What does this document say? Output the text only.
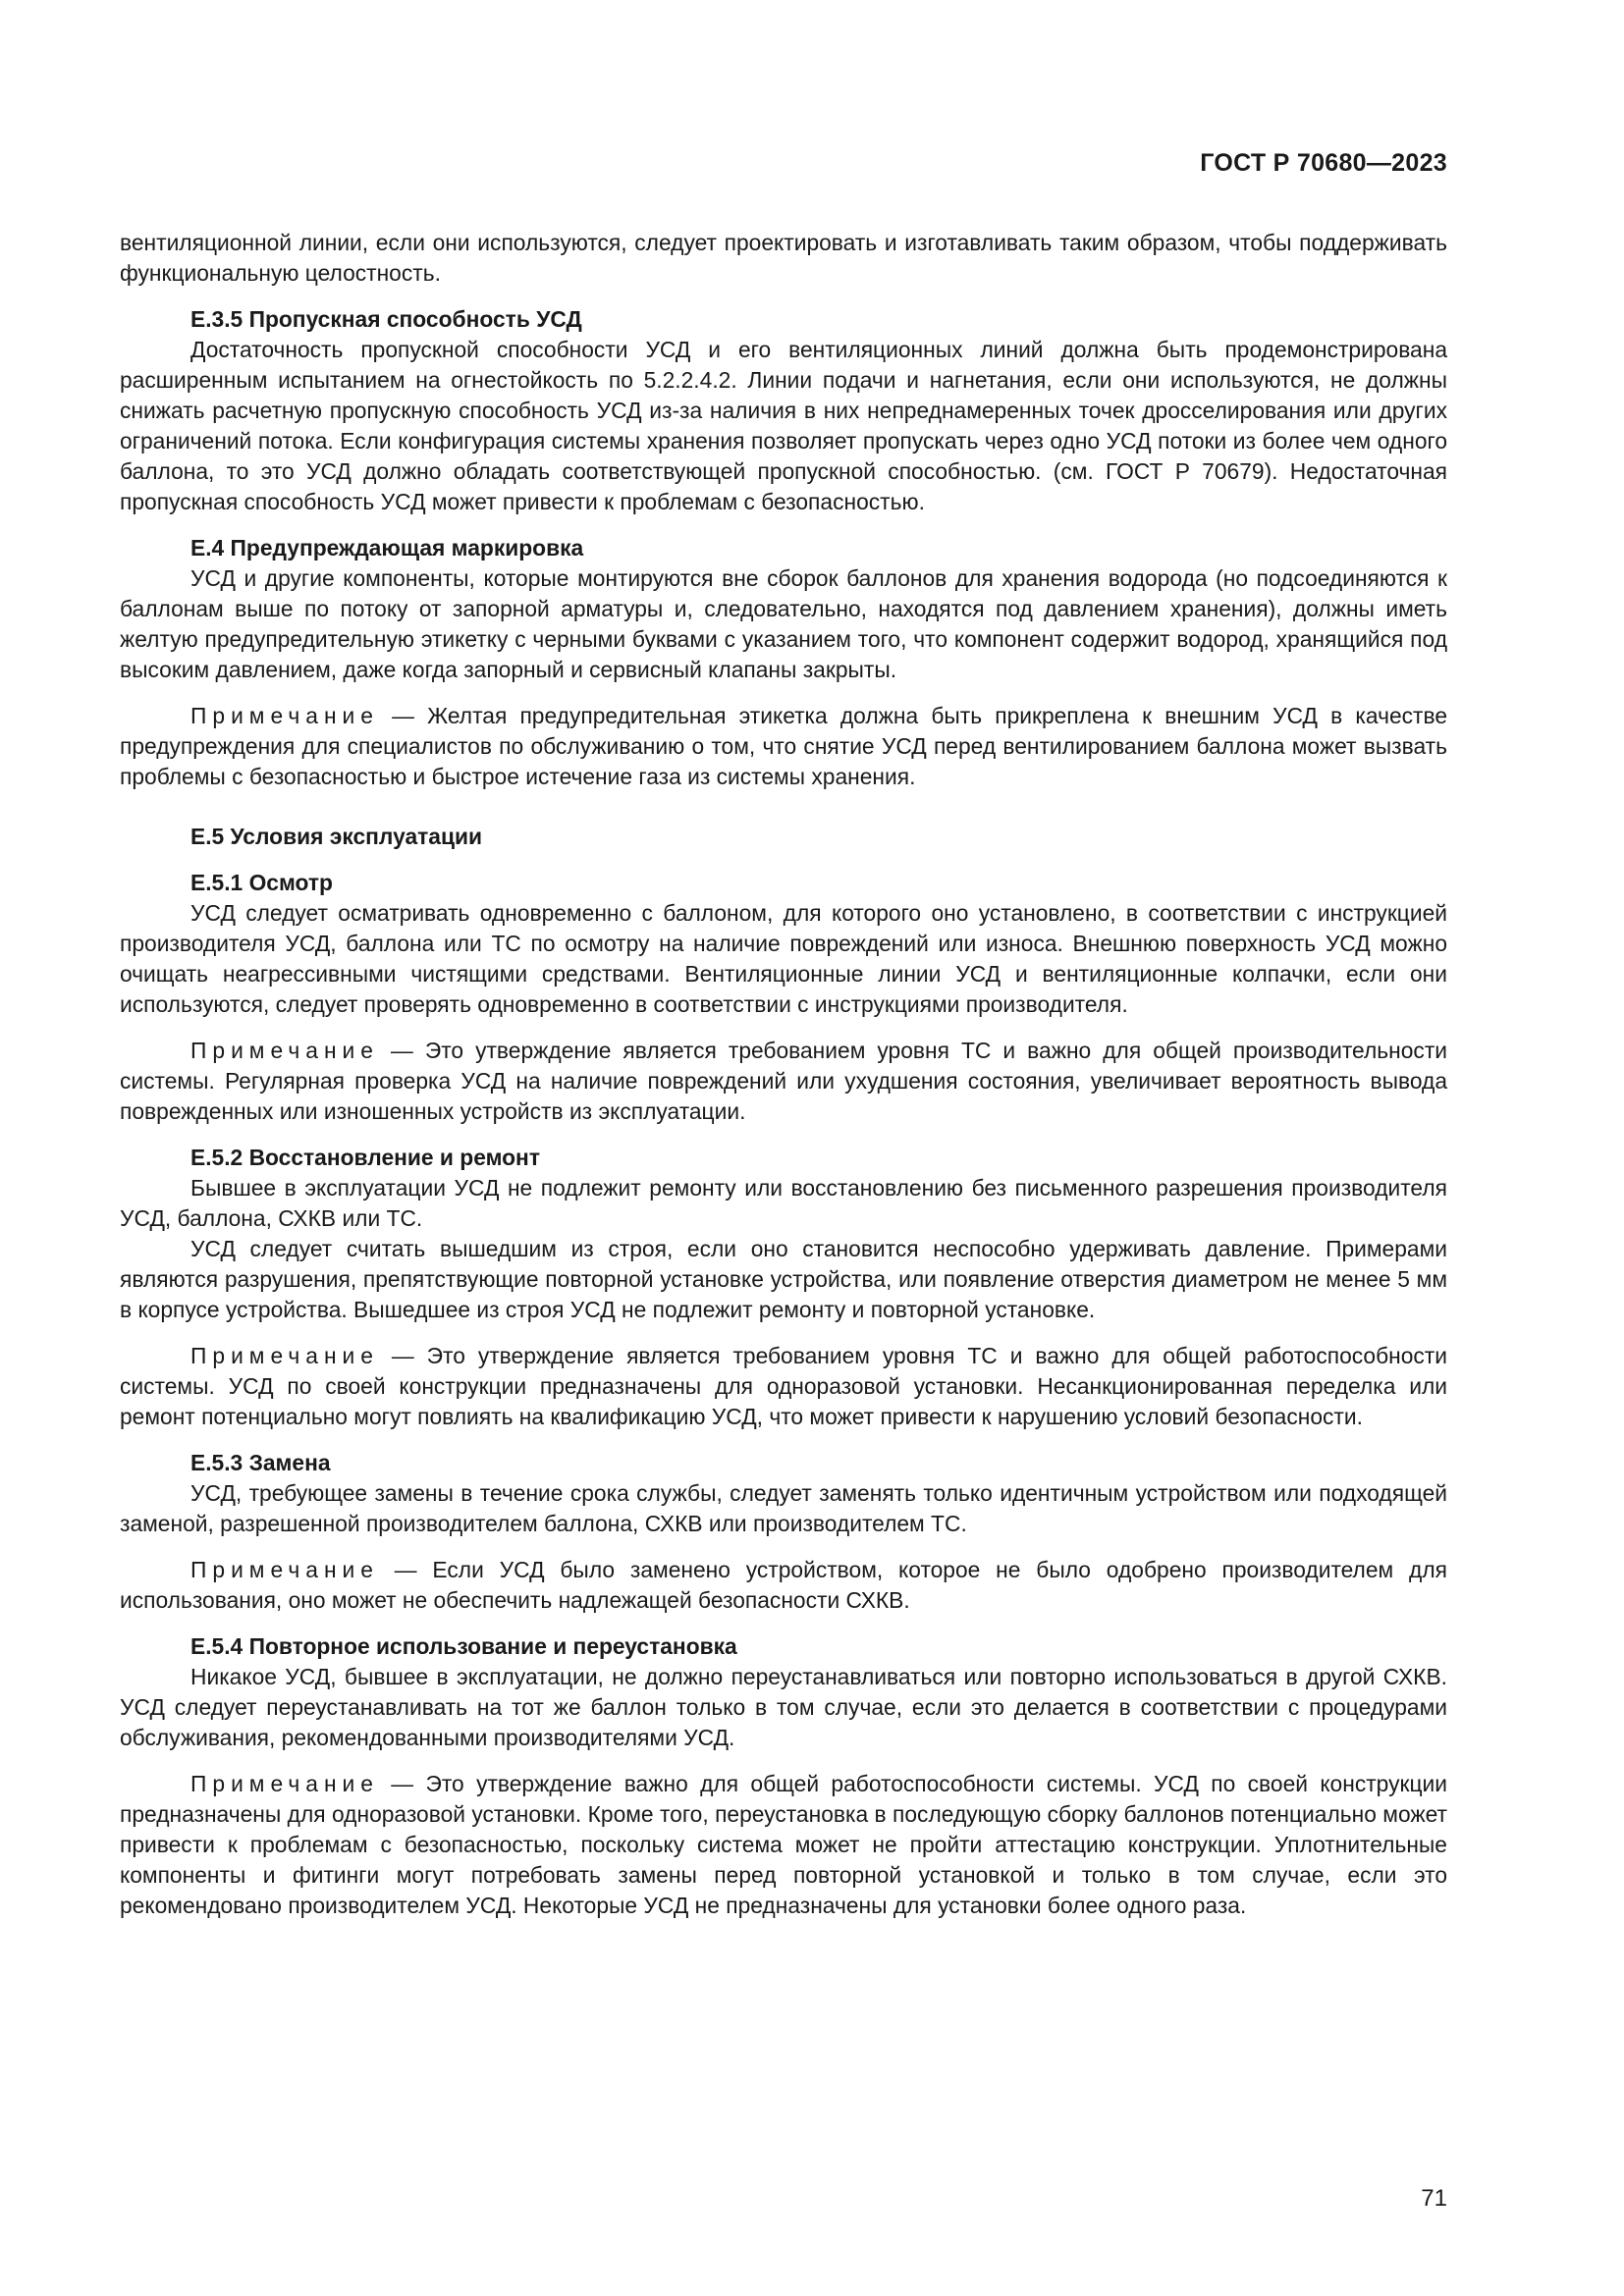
ГОСТ Р 70680—2023

вентиляционной линии, если они используются, следует проектировать и изготавливать таким образом, чтобы поддерживать функциональную целостность.

Е.3.5 Пропускная способность УСД

Достаточность пропускной способности УСД и его вентиляционных линий должна быть продемонстрирована расширенным испытанием на огнестойкость по 5.2.2.4.2. Линии подачи и нагнетания, если они используются, не должны снижать расчетную пропускную способность УСД из-за наличия в них непреднамеренных точек дросселирования или других ограничений потока. Если конфигурация системы хранения позволяет пропускать через одно УСД потоки из более чем одного баллона, то это УСД должно обладать соответствующей пропускной способностью. (см. ГОСТ Р 70679). Недостаточная пропускная способность УСД может привести к проблемам с безопасностью.

Е.4 Предупреждающая маркировка

УСД и другие компоненты, которые монтируются вне сборок баллонов для хранения водорода (но подсоединяются к баллонам выше по потоку от запорной арматуры и, следовательно, находятся под давлением хранения), должны иметь желтую предупредительную этикетку с черными буквами с указанием того, что компонент содержит водород, хранящийся под высоким давлением, даже когда запорный и сервисный клапаны закрыты.

Примечание — Желтая предупредительная этикетка должна быть прикреплена к внешним УСД в качестве предупреждения для специалистов по обслуживанию о том, что снятие УСД перед вентилированием баллона может вызвать проблемы с безопасностью и быстрое истечение газа из системы хранения.

Е.5 Условия эксплуатации

Е.5.1 Осмотр

УСД следует осматривать одновременно с баллоном, для которого оно установлено, в соответствии с инструкцией производителя УСД, баллона или ТС по осмотру на наличие повреждений или износа. Внешнюю поверхность УСД можно очищать неагрессивными чистящими средствами. Вентиляционные линии УСД и вентиляционные колпачки, если они используются, следует проверять одновременно в соответствии с инструкциями производителя.

Примечание — Это утверждение является требованием уровня ТС и важно для общей производительности системы. Регулярная проверка УСД на наличие повреждений или ухудшения состояния, увеличивает вероятность вывода поврежденных или изношенных устройств из эксплуатации.

Е.5.2 Восстановление и ремонт

Бывшее в эксплуатации УСД не подлежит ремонту или восстановлению без письменного разрешения производителя УСД, баллона, СХКВ или ТС.

УСД следует считать вышедшим из строя, если оно становится неспособно удерживать давление. Примерами являются разрушения, препятствующие повторной установке устройства, или появление отверстия диаметром не менее 5 мм в корпусе устройства. Вышедшее из строя УСД не подлежит ремонту и повторной установке.

Примечание — Это утверждение является требованием уровня ТС и важно для общей работоспособности системы. УСД по своей конструкции предназначены для одноразовой установки. Несанкционированная переделка или ремонт потенциально могут повлиять на квалификацию УСД, что может привести к нарушению условий безопасности.

Е.5.3 Замена

УСД, требующее замены в течение срока службы, следует заменять только идентичным устройством или подходящей заменой, разрешенной производителем баллона, СХКВ или производителем ТС.

Примечание — Если УСД было заменено устройством, которое не было одобрено производителем для использования, оно может не обеспечить надлежащей безопасности СХКВ.

Е.5.4 Повторное использование и переустановка

Никакое УСД, бывшее в эксплуатации, не должно переустанавливаться или повторно использоваться в другой СХКВ. УСД следует переустанавливать на тот же баллон только в том случае, если это делается в соответствии с процедурами обслуживания, рекомендованными производителями УСД.

Примечание — Это утверждение важно для общей работоспособности системы. УСД по своей конструкции предназначены для одноразовой установки. Кроме того, переустановка в последующую сборку баллонов потенциально может привести к проблемам с безопасностью, поскольку система может не пройти аттестацию конструкции. Уплотнительные компоненты и фитинги могут потребовать замены перед повторной установкой и только в том случае, если это рекомендовано производителем УСД. Некоторые УСД не предназначены для установки более одного раза.

71
